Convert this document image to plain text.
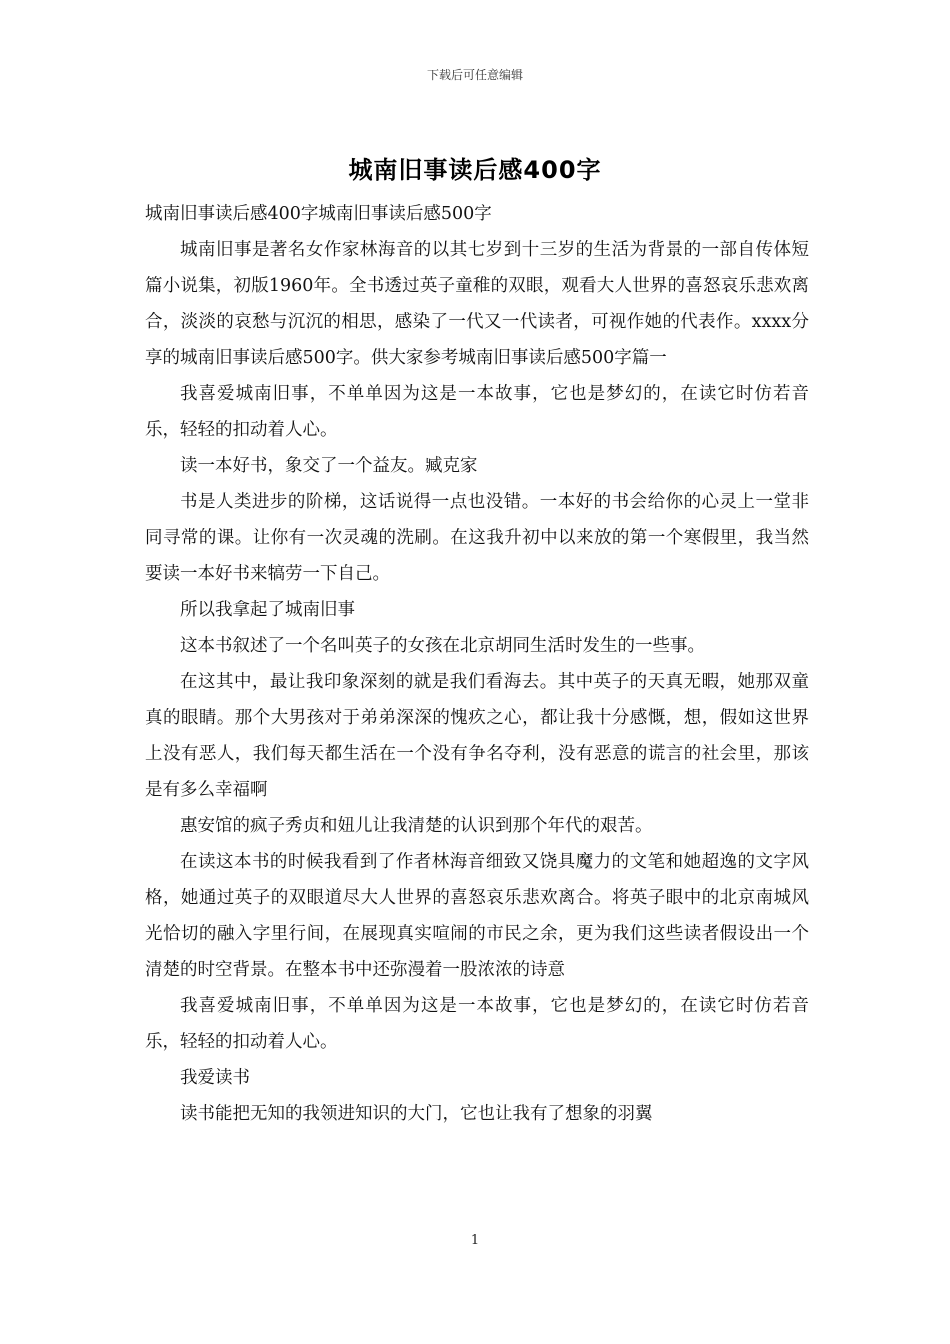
下载后可任意编辑
城南旧事读后感400字

城南旧事读后感400字城南旧事读后感500字

城南旧事是著名女作家林海音的以其七岁到十三岁的生活为背景的一部自传体短篇小说集，初版1960年。全书透过英子童稚的双眼，观看大人世界的喜怒哀乐悲欢离合，淡淡的哀愁与沉沉的相思，感染了一代又一代读者，可视作她的代表作。xxxx分享的城南旧事读后感500字。供大家参考城南旧事读后感500字篇一

我喜爱城南旧事，不单单因为这是一本故事，它也是梦幻的，在读它时仿若音乐，轻轻的扣动着人心。

读一本好书，象交了一个益友。臧克家

书是人类进步的阶梯，这话说得一点也没错。一本好的书会给你的心灵上一堂非同寻常的课。让你有一次灵魂的洗刷。在这我升初中以来放的第一个寒假里，我当然要读一本好书来犒劳一下自己。

所以我拿起了城南旧事

这本书叙述了一个名叫英子的女孩在北京胡同生活时发生的一些事。

在这其中，最让我印象深刻的就是我们看海去。其中英子的天真无暇，她那双童真的眼睛。那个大男孩对于弟弟深深的愧疚之心，都让我十分感慨，想，假如这世界上没有恶人，我们每天都生活在一个没有争名夺利，没有恶意的谎言的社会里，那该是有多么幸福啊

惠安馆的疯子秀贞和妞儿让我清楚的认识到那个年代的艰苦。

在读这本书的时候我看到了作者林海音细致又饶具魔力的文笔和她超逸的文字风格，她通过英子的双眼道尽大人世界的喜怒哀乐悲欢离合。将英子眼中的北京南城风光恰切的融入字里行间，在展现真实喧闹的市民之余，更为我们这些读者假设出一个清楚的时空背景。在整本书中还弥漫着一股浓浓的诗意

我喜爱城南旧事，不单单因为这是一本故事，它也是梦幻的，在读它时仿若音乐，轻轻的扣动着人心。

我爱读书

读书能把无知的我领进知识的大门，它也让我有了想象的羽翼

1
